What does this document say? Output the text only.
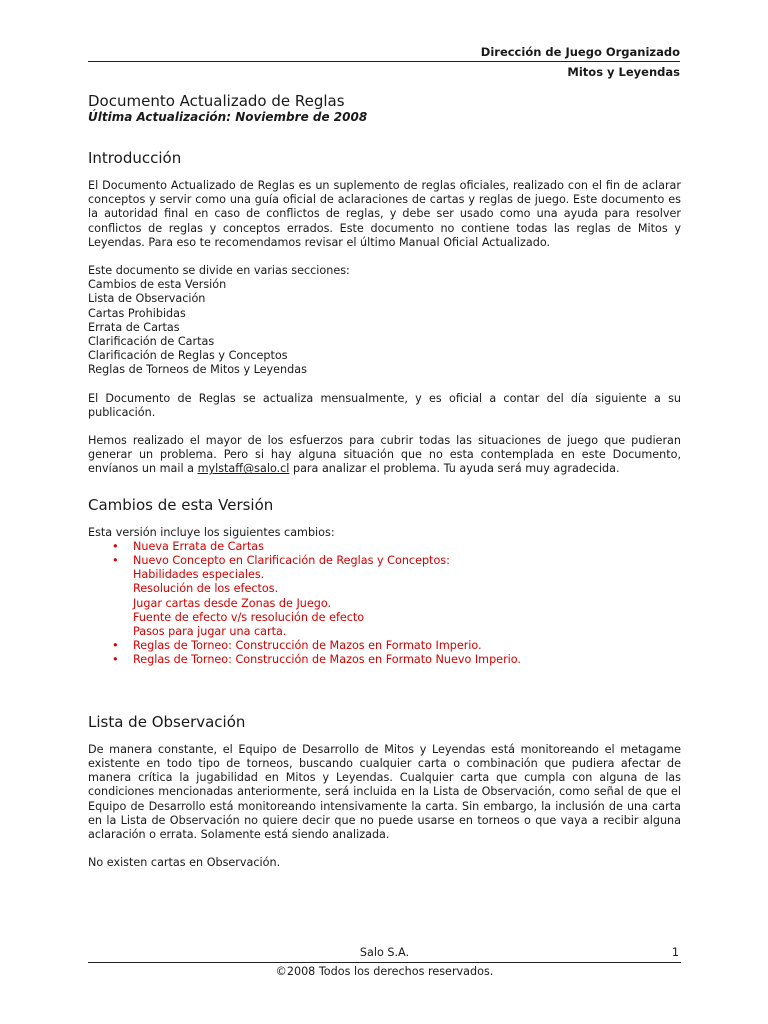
Dirección de Juego Organizado
Mitos y Leyendas
Documento Actualizado de Reglas
Última Actualización: Noviembre de 2008
Introducción

El Documento Actualizado de Reglas es un suplemento de reglas oficiales, realizado con el fin de aclarar conceptos y servir como una guía oficial de aclaraciones de cartas y reglas de juego. Este documento es la autoridad final en caso de conflictos de reglas, y debe ser usado como una ayuda para resolver conflictos de reglas y conceptos errados. Este documento no contiene todas las reglas de Mitos y Leyendas. Para eso te recomendamos revisar el último Manual Oficial Actualizado.

Este documento se divide en varias secciones:
Cambios de esta Versión
Lista de Observación
Cartas Prohibidas
Errata de Cartas
Clarificación de Cartas
Clarificación de Reglas y Conceptos
Reglas de Torneos de Mitos y Leyendas

El Documento de Reglas se actualiza mensualmente, y es oficial a contar del día siguiente a su publicación.

Hemos realizado el mayor de los esfuerzos para cubrir todas las situaciones de juego que pudieran generar un problema. Pero si hay alguna situación que no esta contemplada en este Documento, envíanos un mail a mylstaff@salo.cl para analizar el problema. Tu ayuda será muy agradecida.

Cambios de esta Versión

Esta versión incluye los siguientes cambios:

• Nueva Errata de Cartas
• Nuevo Concepto en Clarificación de Reglas y Conceptos:
Habilidades especiales.
Resolución de los efectos.
Jugar cartas desde Zonas de Juego.
Fuente de efecto v/s resolución de efecto
Pasos para jugar una carta.
• Reglas de Torneo: Construcción de Mazos en Formato Imperio.
• Reglas de Torneo: Construcción de Mazos en Formato Nuevo Imperio.
Lista de Observación

De manera constante, el Equipo de Desarrollo de Mitos y Leyendas está monitoreando el metagame existente en todo tipo de torneos, buscando cualquier carta o combinación que pudiera afectar de manera crítica la jugabilidad en Mitos y Leyendas. Cualquier carta que cumpla con alguna de las condiciones mencionadas anteriormente, será incluida en la Lista de Observación, como señal de que el Equipo de Desarrollo está monitoreando intensivamente la carta. Sin embargo, la inclusión de una carta en la Lista de Observación no quiere decir que no puede usarse en torneos o que vaya a recibir alguna aclaración o errata. Solamente está siendo analizada.

No existen cartas en Observación.

Salo S.A.	1
©2008 Todos los derechos reservados.
